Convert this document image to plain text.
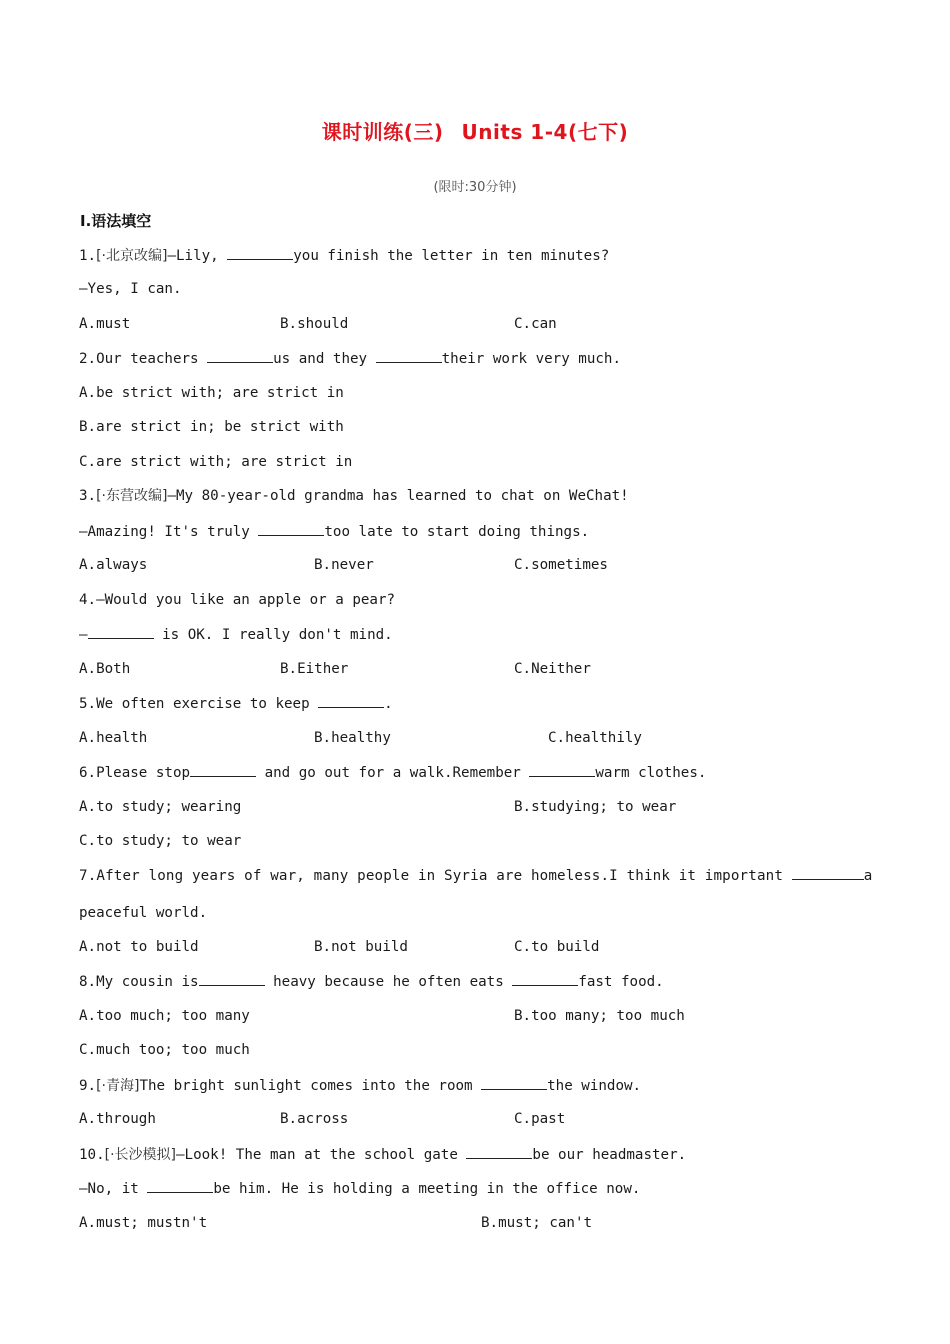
课时训练(三) Units 1-4(七下)
(限时:30分钟)
Ⅰ.语法填空
1.[·北京改编]—Lily,	you finish the letter in ten minutes?
—Yes, I can.
A.must	B.should	C.can
2.Our teachers	us and they	their work very much.
A.be strict with; are strict in
B.are strict in; be strict with
C.are strict with; are strict in
3.[·东营改编]—My 80-year-old grandma has learned to chat on WeChat!
—Amazing! It's truly	too late to start doing things.
A.always	B.never	C.sometimes
4.—Would you like an apple or a pear?
—	is OK. I really don't mind.
A.Both	B.Either	C.Neither
5.We often exercise to keep	.
A.health	B.healthy	C.healthily
6.Please stop	and go out for a walk.Remember	warm clothes.
A.to study; wearing	B.studying; to wear
C.to study; to wear
7.After long years of war, many people in Syria are homeless.I think it important	a
peaceful world.
A.not to build	B.not build	C.to build
8.My cousin is	heavy because he often eats	fast food.
A.too much; too many	B.too many; too much
C.much too; too much
9.[·青海]The bright sunlight comes into the room	the window.
A.through	B.across	C.past
10.[·长沙模拟]—Look! The man at the school gate	be our headmaster.
—No, it	be him. He is holding a meeting in the office now.
A.must; mustn't	B.must; can't
